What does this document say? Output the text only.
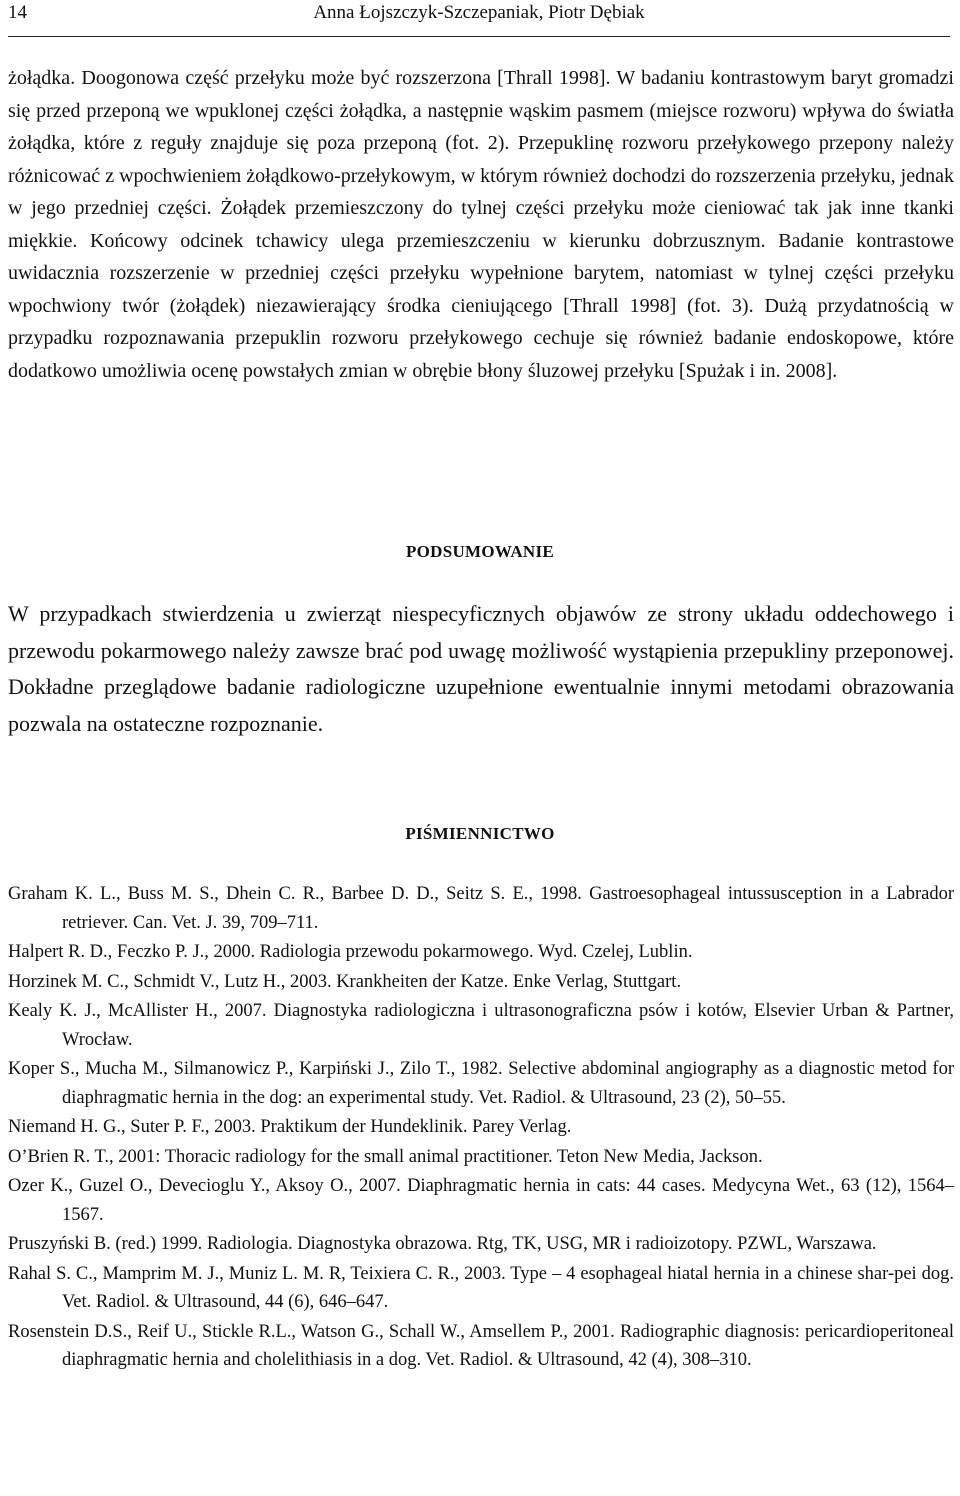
14	Anna Łojszczyk-Szczepaniak, Piotr Dębiak

żołądka. Doogonowa część przełyku może być rozszerzona [Thrall 1998]. W badaniu kontrastowym baryt gromadzi się przed przeponą we wpuklonej części żołądka, a następnie wąskim pasmem (miejsce rozworu) wpływa do światła żołądka, które z reguły znajduje się poza przeponą (fot. 2). Przepuklinę rozworu przełykowego przepony należy różnicować z wpochwieniem żołądkowo-przełykowym, w którym również dochodzi do rozszerzenia przełyku, jednak w jego przedniej części. Żołądek przemieszczony do tylnej części przełyku może cieniować tak jak inne tkanki miękkie. Końcowy odcinek tchawicy ulega przemieszczeniu w kierunku dobrzusznym. Badanie kontrastowe uwidacznia rozszerzenie w przedniej części przełyku wypełnione barytem, natomiast w tylnej części przełyku wpochwiony twór (żołądek) niezawierający środka cieniującego [Thrall 1998] (fot. 3). Dużą przydatnością w przypadku rozpoznawania przepuklin rozworu przełykowego cechuje się również badanie endoskopowe, które dodatkowo umożliwia ocenę powstałych zmian w obrębie błony śluzowej przełyku [Spużak i in. 2008].

PODSUMOWANIE

W przypadkach stwierdzenia u zwierząt niespecyficznych objawów ze strony układu oddechowego i przewodu pokarmowego należy zawsze brać pod uwagę możliwość wystąpienia przepukliny przeponowej. Dokładne przeglądowe badanie radiologiczne uzupełnione ewentualnie innymi metodami obrazowania pozwala na ostateczne rozpoznanie.

PIŚMIENNICTWO
Graham K. L., Buss M. S., Dhein C. R., Barbee D. D., Seitz S. E., 1998. Gastroesophageal intussusception in a Labrador retriever. Can. Vet. J. 39, 709–711.
Halpert R. D., Feczko P. J., 2000. Radiologia przewodu pokarmowego. Wyd. Czelej, Lublin.
Horzinek M. C., Schmidt V., Lutz H., 2003. Krankheiten der Katze. Enke Verlag, Stuttgart.
Kealy K. J., McAllister H., 2007. Diagnostyka radiologiczna i ultrasonograficzna psów i kotów, Elsevier Urban & Partner, Wrocław.
Koper S., Mucha M., Silmanowicz P., Karpiński J., Zilo T., 1982. Selective abdominal angiography as a diagnostic metod for diaphragmatic hernia in the dog: an experimental study. Vet. Radiol. & Ultrasound, 23 (2), 50–55.
Niemand H. G., Suter P. F., 2003. Praktikum der Hundeklinik. Parey Verlag.
O’Brien R. T., 2001: Thoracic radiology for the small animal practitioner. Teton New Media, Jackson.
Ozer K., Guzel O., Devecioglu Y., Aksoy O., 2007. Diaphragmatic hernia in cats: 44 cases. Medycyna Wet., 63 (12), 1564–1567.
Pruszyński B. (red.) 1999. Radiologia. Diagnostyka obrazowa. Rtg, TK, USG, MR i radioizotopy. PZWL, Warszawa.
Rahal S. C., Mamprim M. J., Muniz L. M. R, Teixiera C. R., 2003. Type – 4 esophageal hiatal hernia in a chinese shar-pei dog. Vet. Radiol. & Ultrasound, 44 (6), 646–647.
Rosenstein D.S., Reif U., Stickle R.L., Watson G., Schall W., Amsellem P., 2001. Radiographic diagnosis: pericardioperitoneal diaphragmatic hernia and cholelithiasis in a dog. Vet. Radiol. & Ultrasound, 42 (4), 308–310.
